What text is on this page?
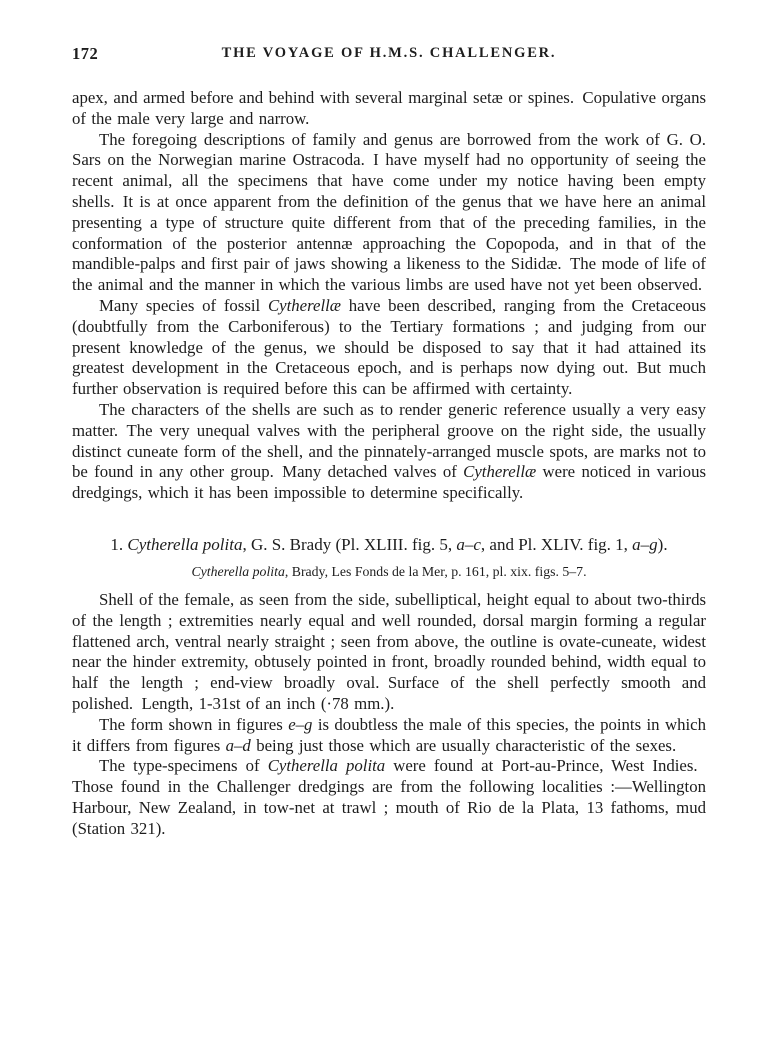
172	THE VOYAGE OF H.M.S. CHALLENGER.

apex, and armed before and behind with several marginal setæ or spines. Copulative organs of the male very large and narrow.

The foregoing descriptions of family and genus are borrowed from the work of G. O. Sars on the Norwegian marine Ostracoda. I have myself had no opportunity of seeing the recent animal, all the specimens that have come under my notice having been empty shells. It is at once apparent from the definition of the genus that we have here an animal presenting a type of structure quite different from that of the preceding families, in the conformation of the posterior antennæ approaching the Copopoda, and in that of the mandible-palps and first pair of jaws showing a likeness to the Sididæ. The mode of life of the animal and the manner in which the various limbs are used have not yet been observed.

Many species of fossil Cytherellæ have been described, ranging from the Cretaceous (doubtfully from the Carboniferous) to the Tertiary formations ; and judging from our present knowledge of the genus, we should be disposed to say that it had attained its greatest development in the Cretaceous epoch, and is perhaps now dying out. But much further observation is required before this can be affirmed with certainty.

The characters of the shells are such as to render generic reference usually a very easy matter. The very unequal valves with the peripheral groove on the right side, the usually distinct cuneate form of the shell, and the pinnately-arranged muscle spots, are marks not to be found in any other group. Many detached valves of Cytherellæ were noticed in various dredgings, which it has been impossible to determine specifically.

1. Cytherella polita, G. S. Brady (Pl. XLIII. fig. 5, a–c, and Pl. XLIV. fig. 1, a–g).

Cytherella polita, Brady, Les Fonds de la Mer, p. 161, pl. xix. figs. 5–7.

Shell of the female, as seen from the side, subelliptical, height equal to about two-thirds of the length ; extremities nearly equal and well rounded, dorsal margin forming a regular flattened arch, ventral nearly straight ; seen from above, the outline is ovate-cuneate, widest near the hinder extremity, obtusely pointed in front, broadly rounded behind, width equal to half the length ; end-view broadly oval. Surface of the shell perfectly smooth and polished. Length, 1-31st of an inch (·78 mm.).

The form shown in figures e–g is doubtless the male of this species, the points in which it differs from figures a–d being just those which are usually characteristic of the sexes.

The type-specimens of Cytherella polita were found at Port-au-Prince, West Indies. Those found in the Challenger dredgings are from the following localities :—Wellington Harbour, New Zealand, in tow-net at trawl ; mouth of Rio de la Plata, 13 fathoms, mud (Station 321).
